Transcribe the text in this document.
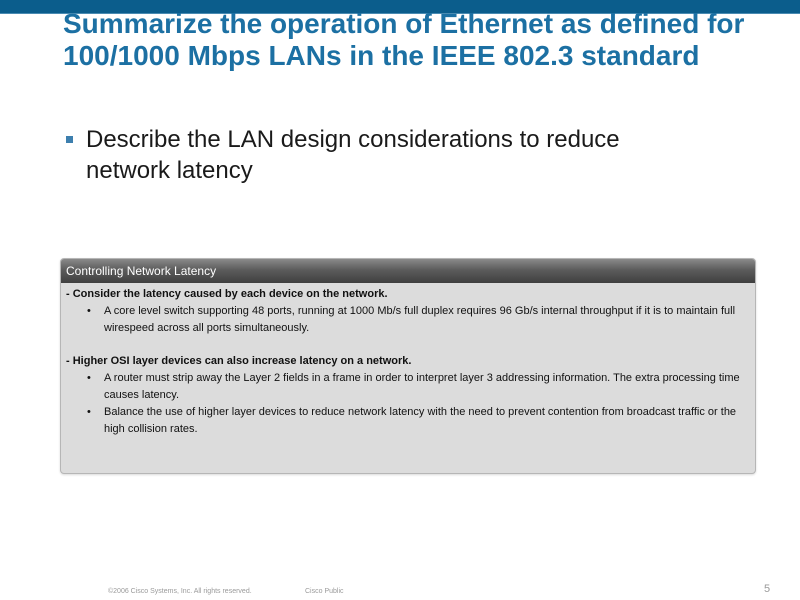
Summarize the operation of Ethernet as defined for 100/1000 Mbps LANs in the IEEE 802.3 standard
Describe the LAN design considerations to reduce network latency
Controlling Network Latency

- Consider the latency caused by each device on the network.

• A core level switch supporting 48 ports, running at 1000 Mb/s full duplex requires 96 Gb/s internal throughput if it is to maintain full wirespeed across all ports simultaneously.

- Higher OSI layer devices can also increase latency on a network.

• A router must strip away the Layer 2 fields in a frame in order to interpret layer 3 addressing information. The extra processing time causes latency.
• Balance the use of higher layer devices to reduce network latency with the need to prevent contention from broadcast traffic or the high collision rates.
©2006 Cisco Systems, Inc. All rights reserved.	Cisco Public	5
